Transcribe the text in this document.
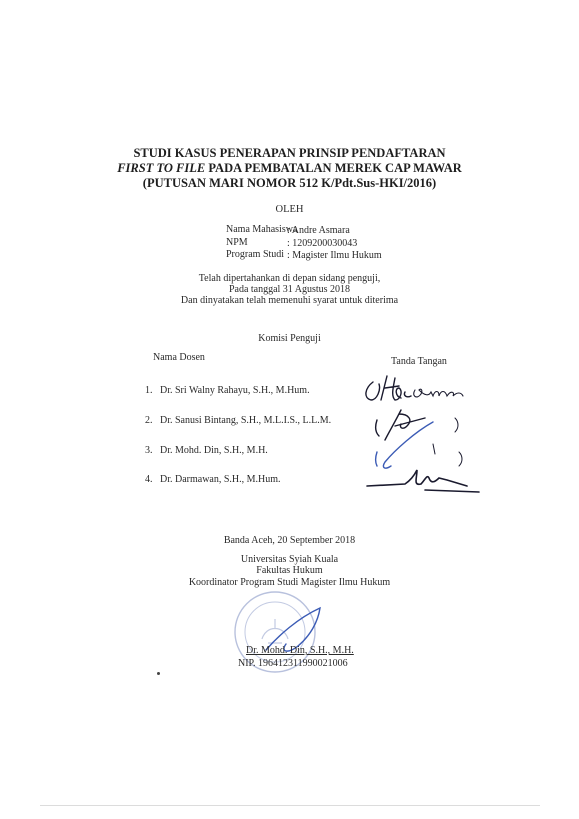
STUDI KASUS PENERAPAN PRINSIP PENDAFTARAN
FIRST TO FILE PADA PEMBATALAN MEREK CAP MAWAR
(PUTUSAN MARI NOMOR 512 K/Pdt.Sus-HKI/2016)
OLEH
Nama Mahasiswa
: Andre Asmara
NPM	: 1209200030043
Program Studi : Magister Ilmu Hukum
Telah dipertahankan di depan sidang penguji,
Pada tanggal 31 Agustus 2018
Dan dinyatakan telah memenuhi syarat untuk diterima
Komisi Penguji
Nama Dosen	Tanda Tangan
1. Dr. Sri Walny Rahayu, S.H., M.Hum.
2. Dr. Sanusi Bintang, S.H., M.L.I.S., L.L.M.
3. Dr. Mohd. Din, S.H., M.H.
4. Dr. Darmawan, S.H., M.Hum.
Banda Aceh, 20 September 2018
Universitas Syiah Kuala
Fakultas Hukum
Koordinator Program Studi Magister Ilmu Hukum
Dr. Mohd. Din, S.H., M.H.
NIP. 196412311990021006
